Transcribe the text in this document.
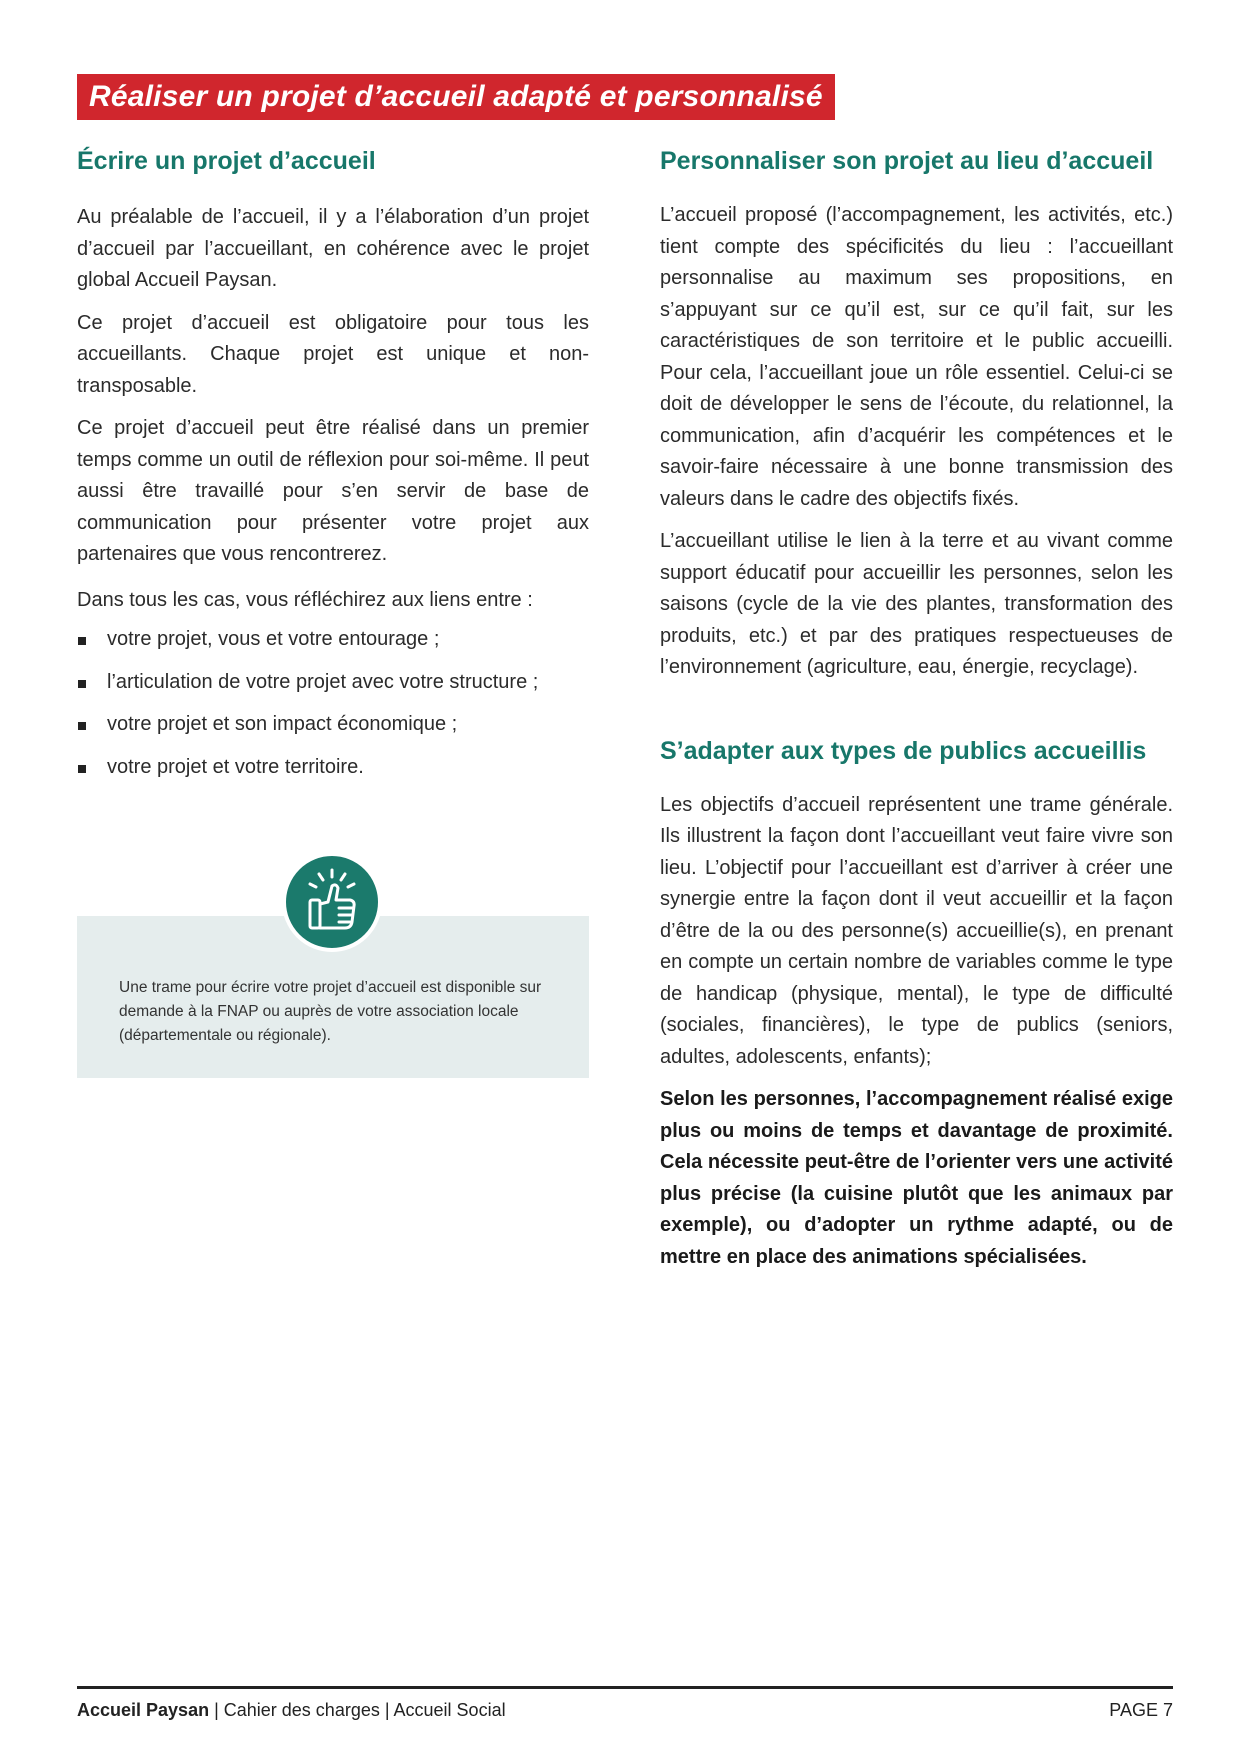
Réaliser un projet d’accueil adapté et personnalisé
Écrire un projet d’accueil

Au préalable de l’accueil, il y a l’élaboration d’un projet d’accueil par l’accueillant, en cohérence avec le projet global Accueil Paysan.

Ce projet d’accueil est obligatoire pour tous les accueillants. Chaque projet est unique et non-transposable.

Ce projet d’accueil peut être réalisé dans un premier temps comme un outil de réflexion pour soi-même. Il peut aussi être travaillé pour s’en servir de base de communication pour présenter votre projet aux partenaires que vous rencontrerez.

Dans tous les cas, vous réfléchirez aux liens entre :

votre projet, vous et votre entourage ;
l’articulation de votre projet avec votre structure ;
votre projet et son impact économique ;
votre projet et votre territoire.

Une trame pour écrire votre projet d’accueil est disponible sur demande à la FNAP ou auprès de votre association locale (départementale ou régionale).

Personnaliser son projet au lieu d’accueil

L’accueil proposé (l’accompagnement, les activités, etc.) tient compte des spécificités du lieu : l’accueillant personnalise au maximum ses propositions, en s’appuyant sur ce qu’il est, sur ce qu’il fait, sur les caractéristiques de son territoire et le public accueilli. Pour cela, l’accueillant joue un rôle essentiel. Celui-ci se doit de développer le sens de l’écoute, du relationnel, la communication, afin d’acquérir les compétences et le savoir-faire nécessaire à une bonne transmission des valeurs dans le cadre des objectifs fixés.

L’accueillant utilise le lien à la terre et au vivant comme support éducatif pour accueillir les personnes, selon les saisons (cycle de la vie des plantes, transformation des produits, etc.) et par des pratiques respectueuses de l’environnement (agriculture, eau, énergie, recyclage).

S’adapter aux types de publics accueillis

Les objectifs d’accueil représentent une trame générale. Ils illustrent la façon dont l’accueillant veut faire vivre son lieu. L’objectif pour l’accueillant est d’arriver à créer une synergie entre la façon dont il veut accueillir et la façon d’être de la ou des personne(s) accueillie(s), en prenant en compte un certain nombre de variables comme le type de handicap (physique, mental), le type de difficulté (sociales, financières), le type de publics (seniors, adultes, adolescents, enfants);

Selon les personnes, l’accompagnement réalisé exige plus ou moins de temps et davantage de proximité. Cela nécessite peut-être de l’orienter vers une activité plus précise (la cuisine plutôt que les animaux par exemple), ou d’adopter un rythme adapté, ou de mettre en place des animations spécialisées.

Accueil Paysan | Cahier des charges | Accueil Social	PAGE 7
